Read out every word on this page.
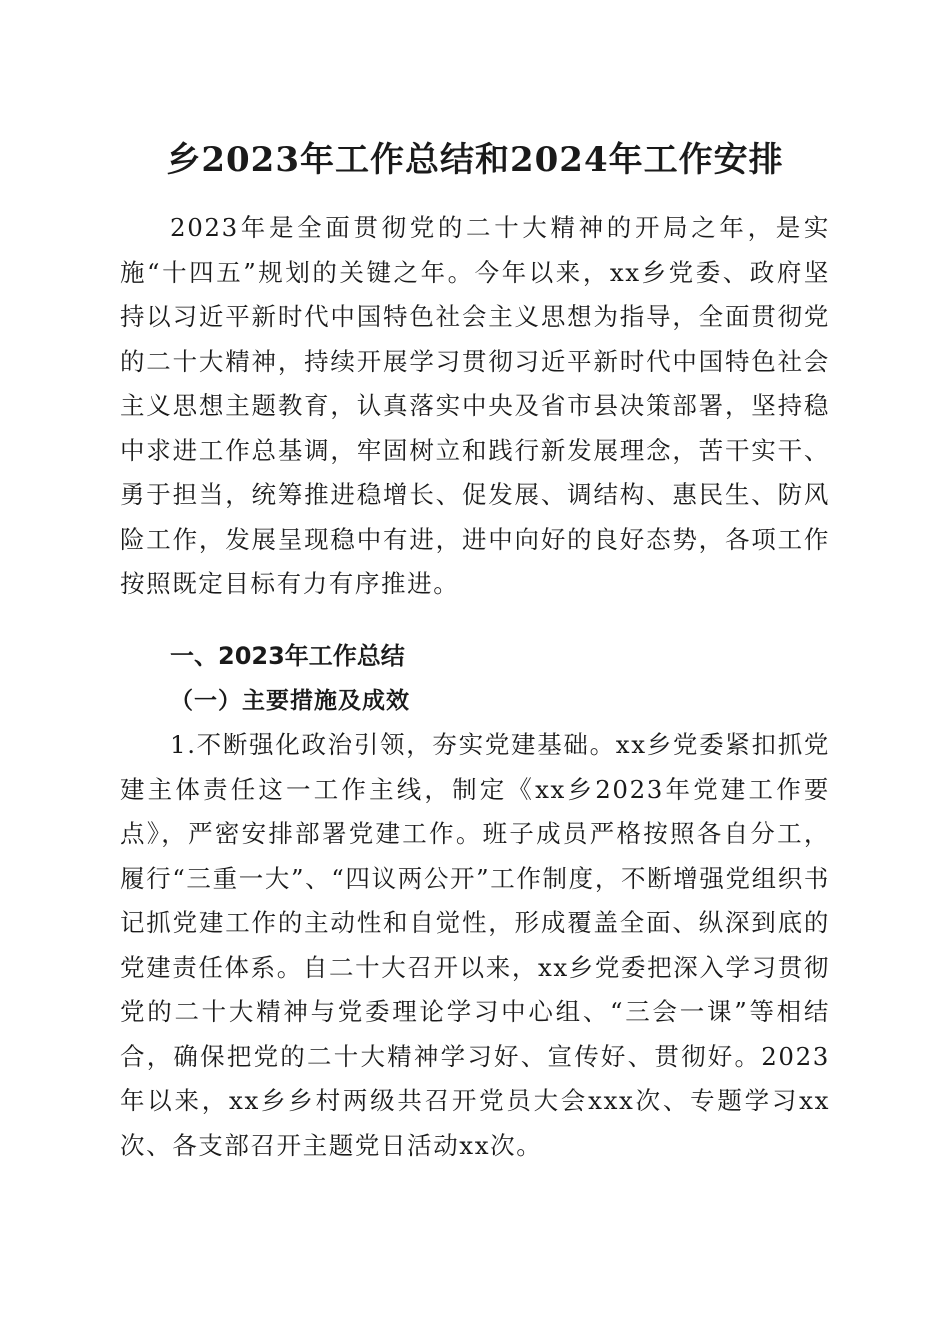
乡2023年工作总结和2024年工作安排

2023年是全面贯彻党的二十大精神的开局之年，是实施“十四五”规划的关键之年。今年以来，xx乡党委、政府坚持以习近平新时代中国特色社会主义思想为指导，全面贯彻党的二十大精神，持续开展学习贯彻习近平新时代中国特色社会主义思想主题教育，认真落实中央及省市县决策部署，坚持稳中求进工作总基调，牢固树立和践行新发展理念，苦干实干、勇于担当，统筹推进稳增长、促发展、调结构、惠民生、防风险工作，发展呈现稳中有进，进中向好的良好态势，各项工作按照既定目标有力有序推进。

一、2023年工作总结
（一）主要措施及成效

1.不断强化政治引领，夯实党建基础。xx乡党委紧扣抓党建主体责任这一工作主线，制定《xx乡2023年党建工作要点》，严密安排部署党建工作。班子成员严格按照各自分工，履行“三重一大”、“四议两公开”工作制度，不断增强党组织书记抓党建工作的主动性和自觉性，形成覆盖全面、纵深到底的党建责任体系。自二十大召开以来，xx乡党委把深入学习贯彻党的二十大精神与党委理论学习中心组、“三会一课”等相结合，确保把党的二十大精神学习好、宣传好、贯彻好。2023年以来，xx乡乡村两级共召开党员大会xxx次、专题学习xx次、各支部召开主题党日活动xx次。
